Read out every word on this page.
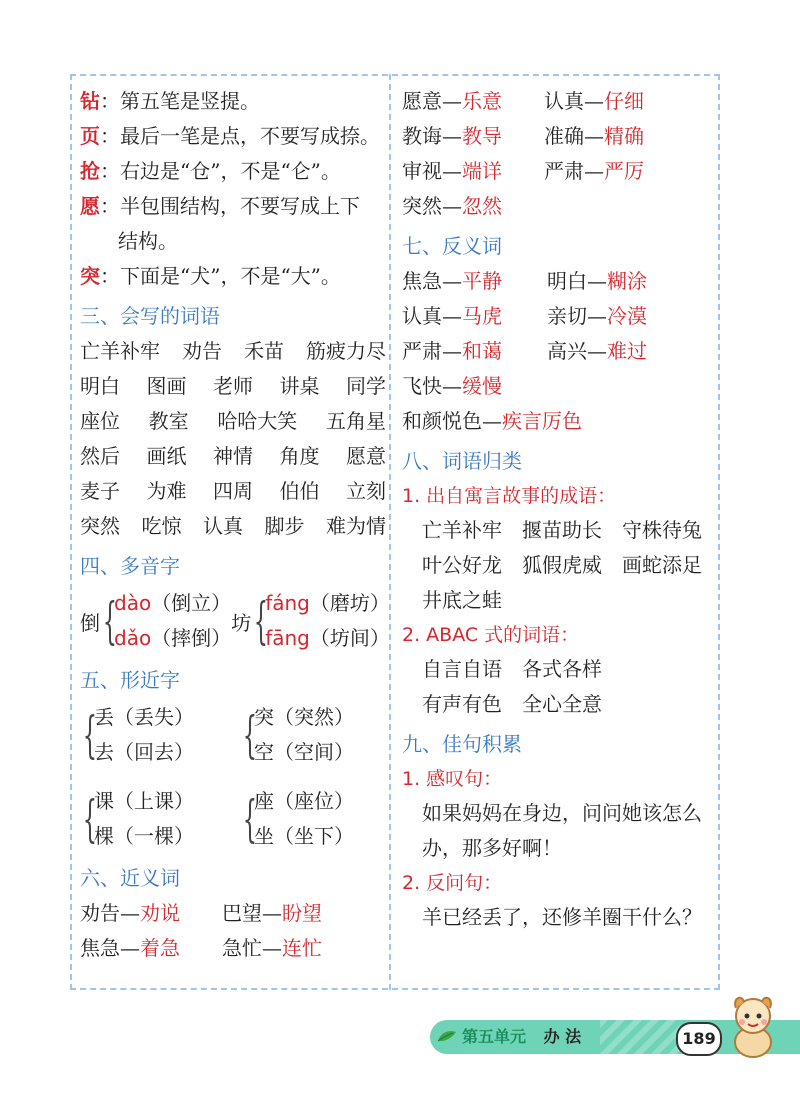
钻：第五笔是竖提。
页：最后一笔是点，不要写成捺。
抢：右边是“仓”，不是“仑”。
愿：半包围结构，不要写成上下
结构。
突：下面是“犬”，不是“大”。
三、会写的词语
亡羊补牢 劝告 禾苗 筋疲力尽
明白 图画 老师 讲桌 同学
座位 教室 哈哈大笑 五角星
然后 画纸 神情 角度 愿意
麦子 为难 四周 伯伯 立刻
突然 吃惊 认真 脚步 难为情
四、多音字
倒 {
dào（倒立）
dǎo（摔倒）
坊 {
fáng（磨坊）
fāng（坊间）
五、形近字
{
丢（丢失）
去（回去） {
突（突然）
空（空间）
{
课（上课）
棵（一棵） {
座（座位）
坐（坐下）
六、近义词
劝告—劝说 巴望—盼望
焦急—着急 急忙—连忙
愿意—乐意 认真—仔细
教诲—教导 准确—精确
审视—端详 严肃—严厉
突然—忽然
七、反义词
焦急—平静 明白—糊涂
认真—马虎 亲切—冷漠
严肃—和蔼 高兴—难过
飞快—缓慢
和颜悦色—疾言厉色
八、词语归类
1. 出自寓言故事的成语：
亡羊补牢 揠苗助长 守株待兔
叶公好龙 狐假虎威 画蛇添足
井底之蛙
2. ABAC 式的词语：
自言自语 各式各样
有声有色 全心全意
九、佳句积累
1. 感叹句：
如果妈妈在身边，问问她该怎么
办，那多好啊！
2. 反问句：
羊已经丢了，还修羊圈干什么？
第五单元 办 法	189
